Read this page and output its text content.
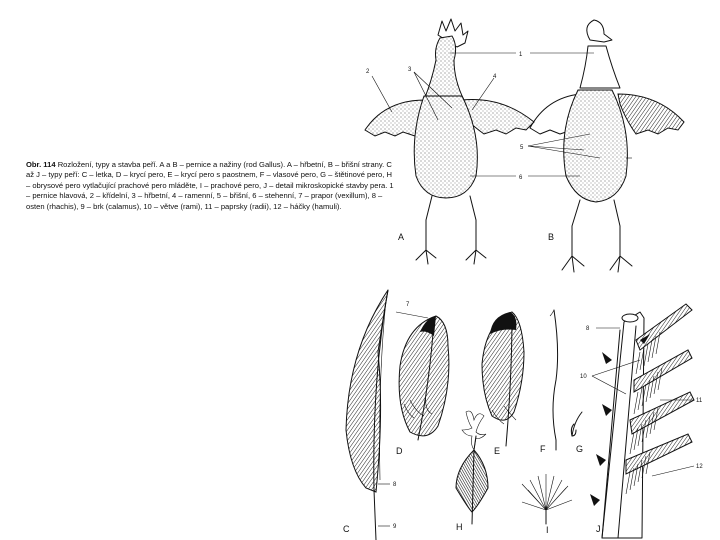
A
2	3
4
B
1
5
6
C
8
9
D
7
E
H
F	G
I	J
8
10
11
12
Obr. 114 Rozložení, typy a stavba peří. A a B – pernice a nažiny (rod Gallus). A – hřbetní, B – břišní strany. C až J – typy peří: C – letka, D – krycí pero, E – krycí pero s paostnem, F – vlasové pero, G – štětinové pero, H – obrysové pero vytlačující prachové pero mláděte, I – prachové pero, J – detail mikroskopické stavby pera. 1 – pernice hlavová, 2 – křídelní, 3 – hřbetní, 4 – ramenní, 5 – břišní, 6 – stehenní, 7 – prapor (vexillum), 8 – osten (rhachis), 9 – brk (calamus), 10 – větve (rami), 11 – paprsky (radii), 12 – háčky (hamuli).
